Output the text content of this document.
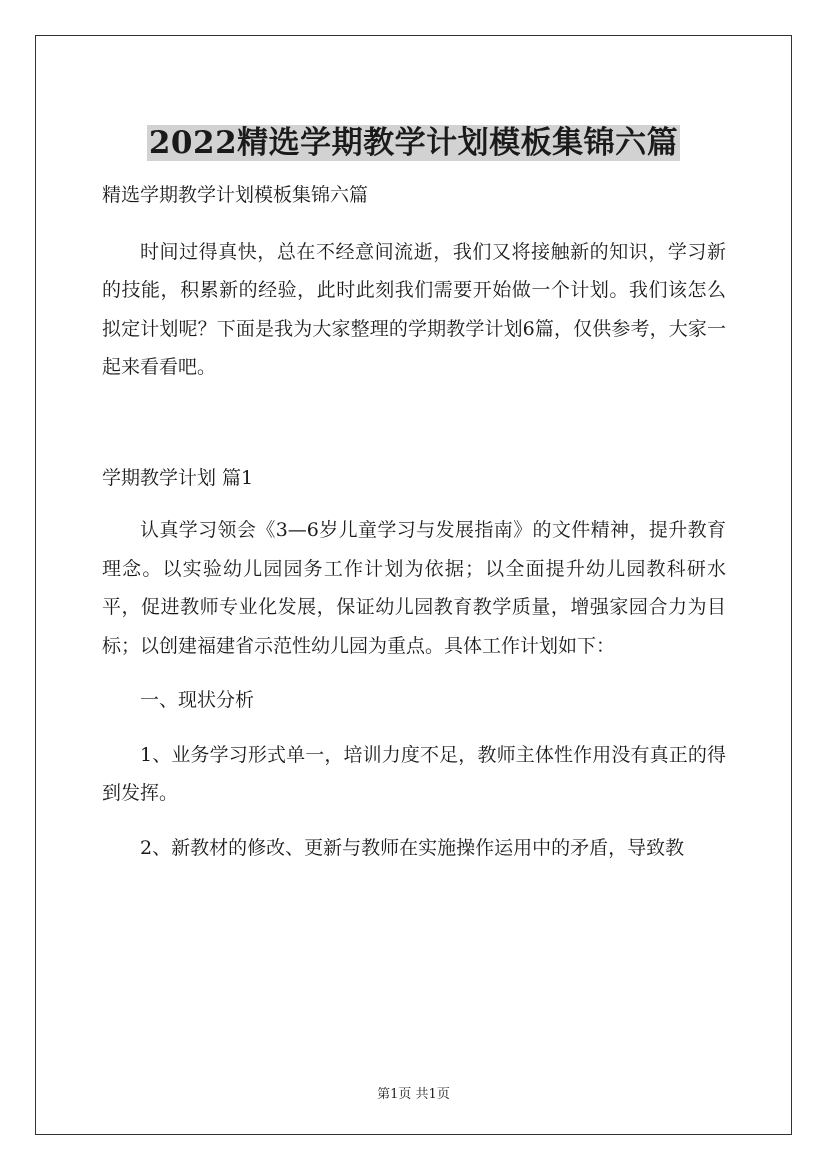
2022精选学期教学计划模板集锦六篇

精选学期教学计划模板集锦六篇

时间过得真快，总在不经意间流逝，我们又将接触新的知识，学习新的技能，积累新的经验，此时此刻我们需要开始做一个计划。我们该怎么拟定计划呢？下面是我为大家整理的学期教学计划6篇，仅供参考，大家一起来看看吧。

学期教学计划 篇1

认真学习领会《3—6岁儿童学习与发展指南》的文件精神，提升教育理念。以实验幼儿园园务工作计划为依据；以全面提升幼儿园教科研水平，促进教师专业化发展，保证幼儿园教育教学质量，增强家园合力为目标；以创建福建省示范性幼儿园为重点。具体工作计划如下：

一、现状分析

1、业务学习形式单一，培训力度不足，教师主体性作用没有真正的得到发挥。

2、新教材的修改、更新与教师在实施操作运用中的矛盾，导致教

第1页 共1页
